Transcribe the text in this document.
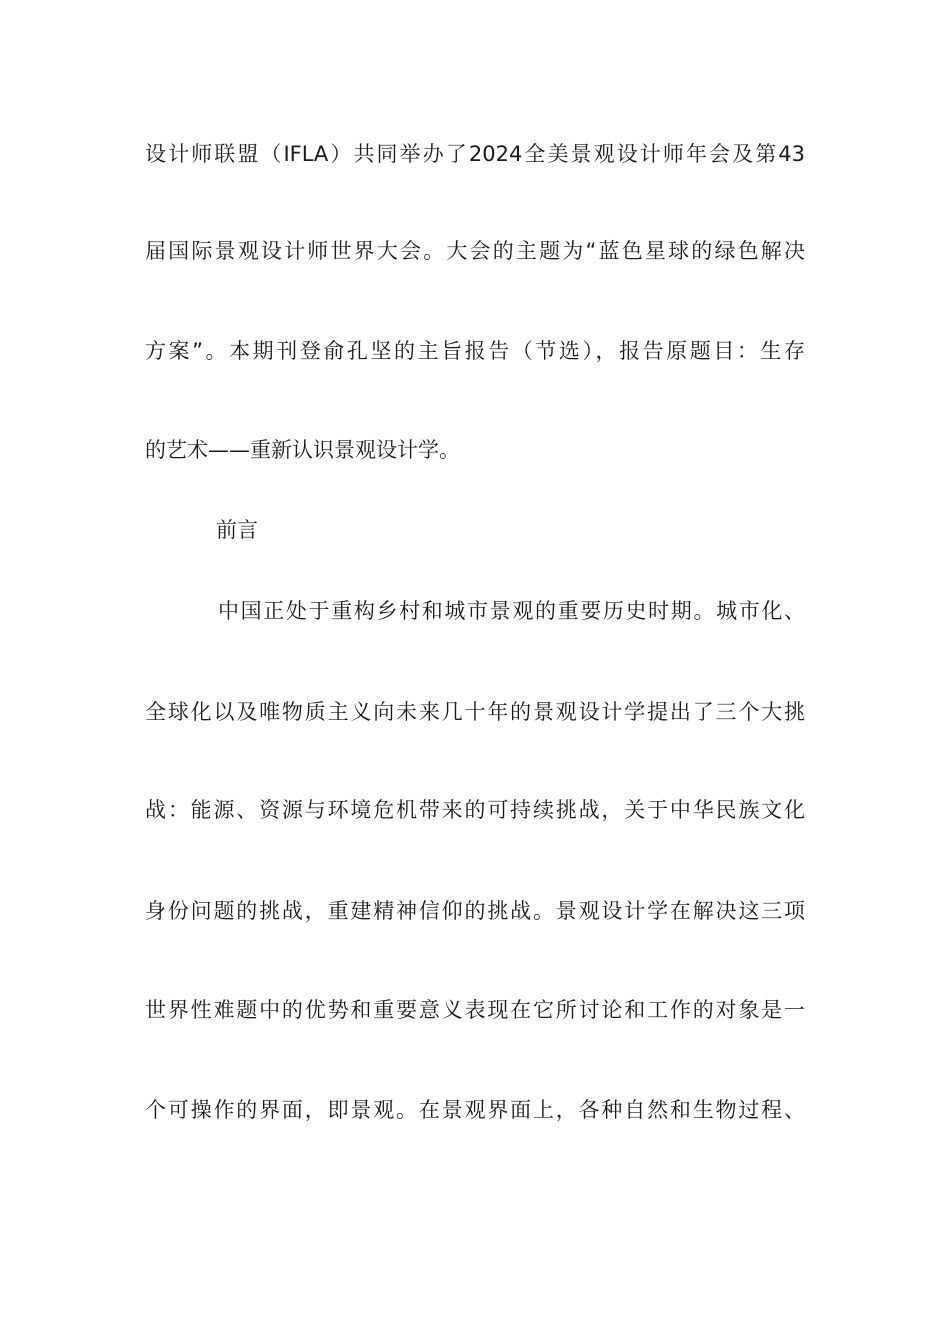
设计师联盟（IFLA）共同举办了2024全美景观设计师年会及第43
届国际景观设计师世界大会。大会的主题为“蓝色星球的绿色解决
方案”。本期刊登俞孔坚的主旨报告（节选），报告原题目：生存
的艺术——重新认识景观设计学。
前言
中国正处于重构乡村和城市景观的重要历史时期。城市化、
全球化以及唯物质主义向未来几十年的景观设计学提出了三个大挑
战：能源、资源与环境危机带来的可持续挑战，关于中华民族文化
身份问题的挑战，重建精神信仰的挑战。景观设计学在解决这三项
世界性难题中的优势和重要意义表现在它所讨论和工作的对象是一
个可操作的界面，即景观。在景观界面上，各种自然和生物过程、
